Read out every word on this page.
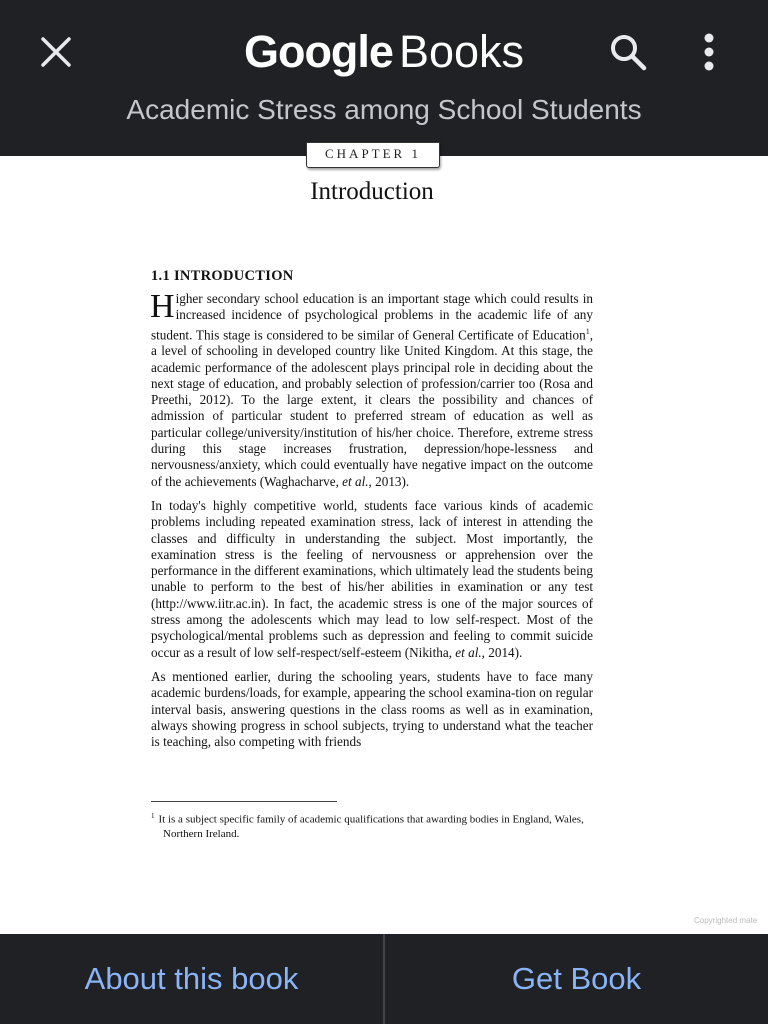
Google Books
Academic Stress among School Students
CHAPTER 1
Introduction
1.1 INTRODUCTION

Higher secondary school education is an important stage which could results in increased incidence of psychological problems in the academic life of any student. This stage is considered to be similar of General Certificate of Education$^1$, a level of schooling in developed country like United Kingdom. At this stage, the academic performance of the adolescent plays principal role in deciding about the next stage of education, and probably selection of profession/carrier too (Rosa and Preethi, 2012). To the large extent, it clears the possibility and chances of admission of particular student to preferred stream of education as well as particular college/university/institution of his/her choice. Therefore, extreme stress during this stage increases frustration, depression/hope-lessness and nervousness/anxiety, which could eventually have negative impact on the outcome of the achievements (Waghacharve, et al., 2013).

In today's highly competitive world, students face various kinds of academic problems including repeated examination stress, lack of interest in attending the classes and difficulty in understanding the subject. Most importantly, the examination stress is the feeling of nervousness or apprehension over the performance in the different examinations, which ultimately lead the students being unable to perform to the best of his/her abilities in examination or any test (http://www.iitr.ac.in). In fact, the academic stress is one of the major sources of stress among the adolescents which may lead to low self-respect. Most of the psychological/mental problems such as depression and feeling to commit suicide occur as a result of low self-respect/self-esteem (Nikitha, et al., 2014).

As mentioned earlier, during the schooling years, students have to face many academic burdens/loads, for example, appearing the school examina-tion on regular interval basis, answering questions in the class rooms as well as in examination, always showing progress in school subjects, trying to understand what the teacher is teaching, also competing with friends

$^1$ It is a subject specific family of academic qualifications that awarding bodies in England, Wales, Northern Ireland.
Copyrighted mate
About this book	Get Book
